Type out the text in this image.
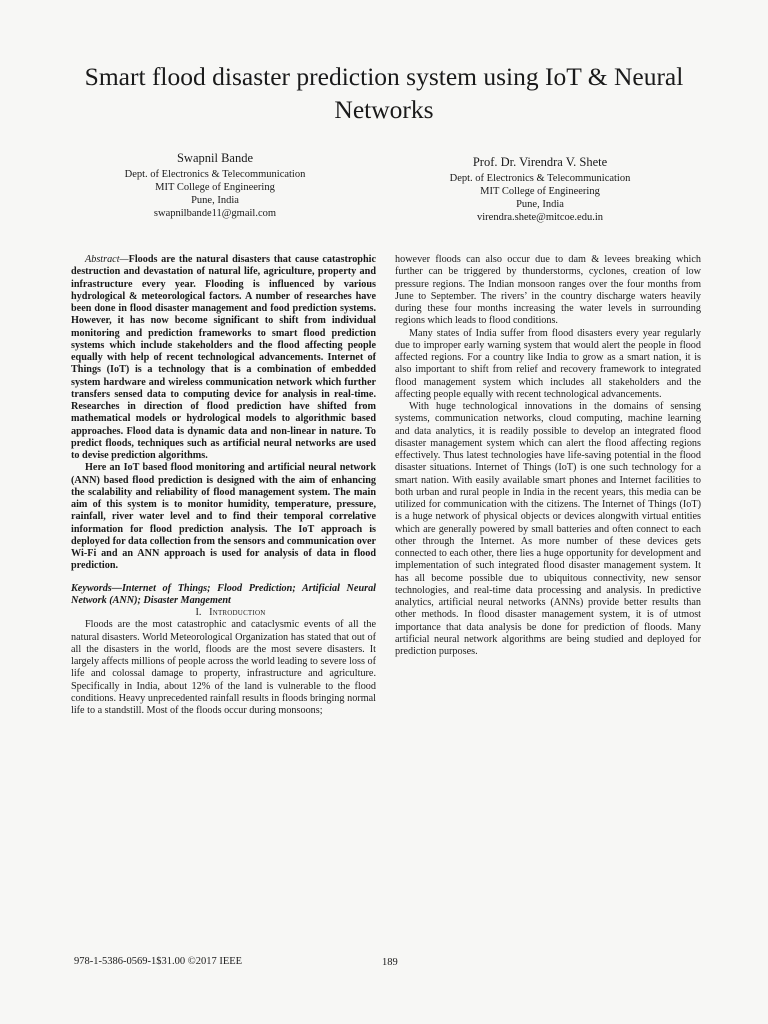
Smart flood disaster prediction system using IoT & Neural Networks
Swapnil Bande
Dept. of Electronics & Telecommunication
MIT College of Engineering
Pune, India
swapnilbande11@gmail.com
Prof. Dr. Virendra V. Shete
Dept. of Electronics & Telecommunication
MIT College of Engineering
Pune, India
virendra.shete@mitcoe.edu.in

Abstract—Floods are the natural disasters that cause catastrophic destruction and devastation of natural life, agriculture, property and infrastructure every year. Flooding is influenced by various hydrological & meteorological factors. A number of researches have been done in flood disaster management and food prediction systems. However, it has now become significant to shift from individual monitoring and prediction frameworks to smart flood prediction systems which include stakeholders and the flood affecting people equally with help of recent technological advancements. Internet of Things (IoT) is a technology that is a combination of embedded system hardware and wireless communication network which further transfers sensed data to computing device for analysis in real-time. Researches in direction of flood prediction have shifted from mathematical models or hydrological models to algorithmic based approaches. Flood data is dynamic data and non-linear in nature. To predict floods, techniques such as artificial neural networks are used to devise prediction algorithms.

Here an IoT based flood monitoring and artificial neural network (ANN) based flood prediction is designed with the aim of enhancing the scalability and reliability of flood management system. The main aim of this system is to monitor humidity, temperature, pressure, rainfall, river water level and to find their temporal correlative information for flood prediction analysis. The IoT approach is deployed for data collection from the sensors and communication over Wi-Fi and an ANN approach is used for analysis of data in flood prediction.

Keywords—Internet of Things; Flood Prediction; Artificial Neural Network (ANN); Disaster Mangement

I. Introduction

Floods are the most catastrophic and cataclysmic events of all the natural disasters. World Meteorological Organization has stated that out of all the disasters in the world, floods are the most severe disasters. It largely affects millions of people across the world leading to severe loss of life and colossal damage to property, infrastructure and agriculture. Specifically in India, about 12% of the land is vulnerable to the flood conditions. Heavy unprecedented rainfall results in floods bringing normal life to a standstill. Most of the floods occur during monsoons;

however floods can also occur due to dam & levees breaking which further can be triggered by thunderstorms, cyclones, creation of low pressure regions. The Indian monsoon ranges over the four months from June to September. The rivers’ in the country discharge waters heavily during these four months increasing the water levels in surrounding regions which leads to flood conditions.

Many states of India suffer from flood disasters every year regularly due to improper early warning system that would alert the people in flood affected regions. For a country like India to grow as a smart nation, it is also important to shift from relief and recovery framework to integrated flood management system which includes all stakeholders and the affecting people equally with recent technological advancements.

With huge technological innovations in the domains of sensing systems, communication networks, cloud computing, machine learning and data analytics, it is readily possible to develop an integrated flood disaster management system which can alert the flood affecting regions effectively. Thus latest technologies have life-saving potential in the flood disaster situations. Internet of Things (IoT) is one such technology for a smart nation. With easily available smart phones and Internet facilities to both urban and rural people in India in the recent years, this media can be utilized for communication with the citizens. The Internet of Things (IoT) is a huge network of physical objects or devices alongwith virtual entities which are generally powered by small batteries and often connect to each other through the Internet. As more number of these devices gets connected to each other, there lies a huge opportunity for development and implementation of such integrated flood disaster management system. It has all become possible due to ubiquitous connectivity, new sensor technologies, and real-time data processing and analysis. In predictive analytics, artificial neural networks (ANNs) provide better results than other methods. In flood disaster management system, it is of utmost importance that data analysis be done for prediction of floods. Many artificial neural network algorithms are being studied and deployed for prediction purposes.

978-1-5386-0569-1$31.00 ©2017 IEEE	189
